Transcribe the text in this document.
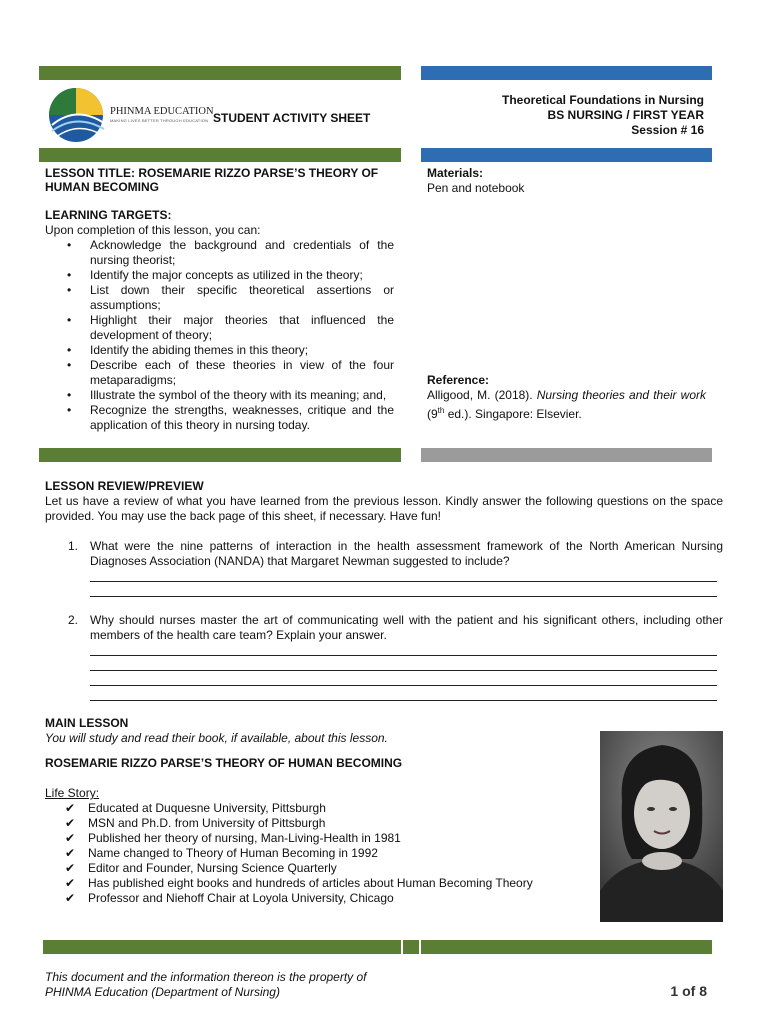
PHINMA EDUCATION
MAKING LIVES BETTER THROUGH EDUCATION STUDENT ACTIVITY SHEET
Theoretical Foundations in Nursing
BS NURSING / FIRST YEAR
Session # 16
LESSON TITLE: ROSEMARIE RIZZO PARSE’S THEORY OF
HUMAN BECOMING
LEARNING TARGETS:
Upon completion of this lesson, you can:
• Acknowledge the background and credentials of the nursing theorist;
• Identify the major concepts as utilized in the theory;
• List down their specific theoretical assertions or assumptions;
• Highlight their major theories that influenced the development of theory;
• Identify the abiding themes in this theory;
• Describe each of these theories in view of the four metaparadigms;
• Illustrate the symbol of the theory with its meaning; and,
• Recognize the strengths, weaknesses, critique and the application of this theory in nursing today.
Materials:
Pen and notebook
Reference:
Alligood, M. (2018). Nursing theories and their work (9th ed.). Singapore: Elsevier.
LESSON REVIEW/PREVIEW
Let us have a review of what you have learned from the previous lesson. Kindly answer the following questions on the space provided. You may use the back page of this sheet, if necessary. Have fun!
1. What were the nine patterns of interaction in the health assessment framework of the North American Nursing Diagnoses Association (NANDA) that Margaret Newman suggested to include?
2. Why should nurses master the art of communicating well with the patient and his significant others, including other members of the health care team? Explain your answer.
MAIN LESSON
You will study and read their book, if available, about this lesson.
ROSEMARIE RIZZO PARSE’S THEORY OF HUMAN BECOMING
Life Story:
✔ Educated at Duquesne University, Pittsburgh
✔ MSN and Ph.D. from University of Pittsburgh
✔ Published her theory of nursing, Man-Living-Health in 1981
✔ Name changed to Theory of Human Becoming in 1992
✔ Editor and Founder, Nursing Science Quarterly
✔ Has published eight books and hundreds of articles about Human Becoming Theory
✔ Professor and Niehoff Chair at Loyola University, Chicago
This document and the information thereon is the property of
PHINMA Education (Department of Nursing)	1 of 8
